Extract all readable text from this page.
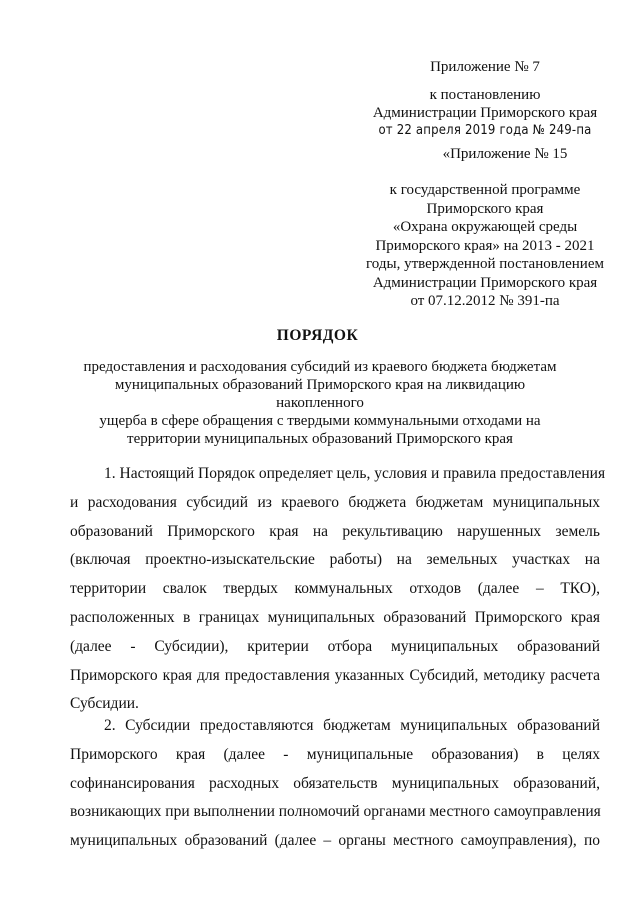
Приложение № 7
к постановлению
Администрации Приморского края
от 22 апреля 2019 года № 249-па
«Приложение № 15
к государственной программе
Приморского края
«Охрана окружающей среды
Приморского края» на 2013 - 2021
годы, утвержденной постановлением
Администрации Приморского края
от 07.12.2012 № 391-па
ПОРЯДОК
предоставления и расходования субсидий из краевого бюджета бюджетам
муниципальных образований Приморского края на ликвидацию накопленного
ущерба в сфере обращения с твердыми коммунальными отходами на
территории муниципальных образований Приморского края
1. Настоящий Порядок определяет цель, условия и правила предоставления
и расходования субсидий из краевого бюджета бюджетам муниципальных
образований Приморского края на рекультивацию нарушенных земель
(включая проектно-изыскательские работы) на земельных участках на
территории свалок твердых коммунальных отходов (далее – ТКО),
расположенных в границах муниципальных образований Приморского края
(далее - Субсидии), критерии отбора муниципальных образований
Приморского края для предоставления указанных Субсидий, методику расчета
Субсидии.
2. Субсидии предоставляются бюджетам муниципальных образований
Приморского края (далее - муниципальные образования) в целях
софинансирования расходных обязательств муниципальных образований,
возникающих при выполнении полномочий органами местного самоуправления
муниципальных образований (далее – органы местного самоуправления), по
